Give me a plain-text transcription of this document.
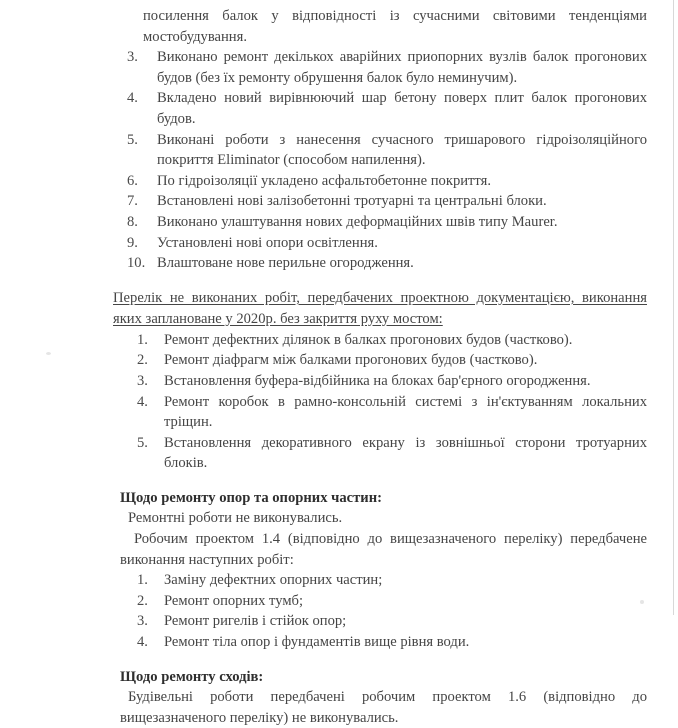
посилення балок у відповідності із сучасними світовими тенденціями мостобудування.

3.	Виконано ремонт декількох аварійних приопорних вузлів балок прогонових будов (без їх ремонту обрушення балок було неминучим).
4.	Вкладено новий вирівнюючий шар бетону поверх плит балок прогонових будов.
5.	Виконані роботи з нанесення сучасного тришарового гідроізоляційного покриття Eliminator (способом напилення).
6.	По гідроізоляції укладено асфальтобетонне покриття.
7.	Встановлені нові залізобетонні тротуарні та центральні блоки.
8.	Виконано улаштування нових деформаційних швів типу Maurer.
9.	Установлені нові опори освітлення.
10. Влаштоване нове перильне огородження.

Перелік не виконаних робіт, передбачених проектною документацією, виконання яких заплановане у 2020р. без закриття руху мостом:

1.	Ремонт дефектних ділянок в балках прогонових будов (частково).
2.	Ремонт діафрагм між балками прогонових будов (частково).
3.	Встановлення буфера-відбійника на блоках бар'єрного огородження.
4.	Ремонт коробок в рамно-консольній системі з ін'єктуванням локальних тріщин.
5.	Встановлення декоративного екрану із зовнішньої сторони тротуарних блоків.

Щодо ремонту опор та опорних частин:

Ремонтні роботи не виконувались.

Робочим проектом 1.4 (відповідно до вищезазначеного переліку) передбачене виконання наступних робіт:

1.	Заміну дефектних опорних частин;
2.	Ремонт опорних тумб;
3.	Ремонт ригелів і стійок опор;
4.	Ремонт тіла опор і фундаментів вище рівня води.

Щодо ремонту сходів:

Будівельні роботи передбачені робочим проектом 1.6 (відповідно до вищезазначеного переліку) не виконувались.
